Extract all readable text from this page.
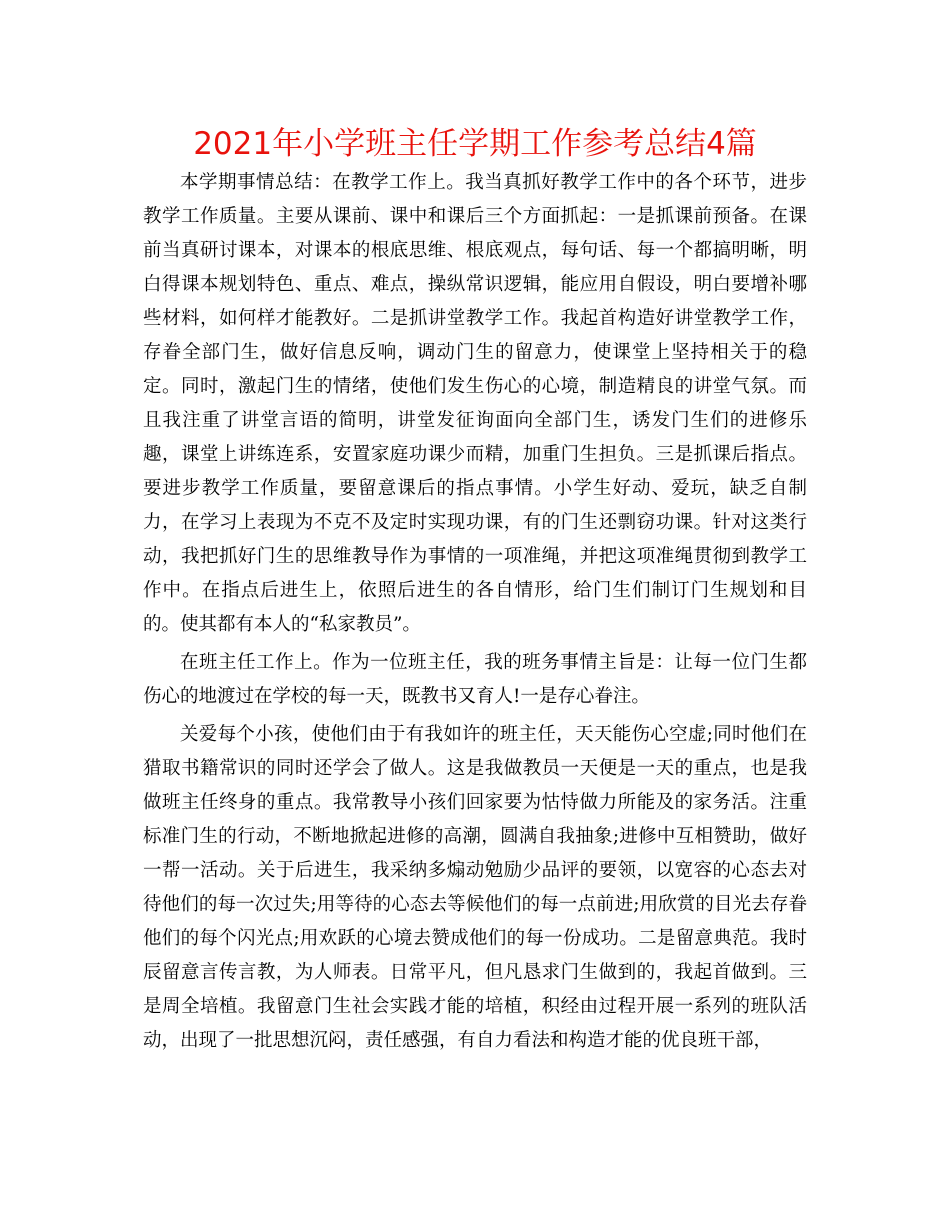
2021年小学班主任学期工作参考总结4篇

本学期事情总结：在教学工作上。我当真抓好教学工作中的各个环节，进步教学工作质量。主要从课前、课中和课后三个方面抓起：一是抓课前预备。在课前当真研讨课本，对课本的根底思维、根底观点，每句话、每一个都搞明晰，明白得课本规划特色、重点、难点，操纵常识逻辑，能应用自假设，明白要增补哪些材料，如何样才能教好。二是抓讲堂教学工作。我起首构造好讲堂教学工作，存眷全部门生，做好信息反响，调动门生的留意力，使课堂上坚持相关于的稳定。同时，激起门生的情绪，使他们发生伤心的心境，制造精良的讲堂气氛。而且我注重了讲堂言语的简明，讲堂发征询面向全部门生，诱发门生们的进修乐趣，课堂上讲练连系，安置家庭功课少而精，加重门生担负。三是抓课后指点。要进步教学工作质量，要留意课后的指点事情。小学生好动、爱玩，缺乏自制力，在学习上表现为不克不及定时实现功课，有的门生还剽窃功课。针对这类行动，我把抓好门生的思维教导作为事情的一项准绳，并把这项准绳贯彻到教学工作中。在指点后进生上，依照后进生的各自情形，给门生们制订门生规划和目的。使其都有本人的“私家教员”。

在班主任工作上。作为一位班主任，我的班务事情主旨是：让每一位门生都伤心的地渡过在学校的每一天，既教书又育人!一是存心眷注。

关爱每个小孩，使他们由于有我如许的班主任，天天能伤心空虚;同时他们在猎取书籍常识的同时还学会了做人。这是我做教员一天便是一天的重点，也是我做班主任终身的重点。我常教导小孩们回家要为怙恃做力所能及的家务活。注重标准门生的行动，不断地掀起进修的高潮，圆满自我抽象;进修中互相赞助，做好一帮一活动。关于后进生，我采纳多煽动勉励少品评的要领，以宽容的心态去对待他们的每一次过失;用等待的心态去等候他们的每一点前进;用欣赏的目光去存眷他们的每个闪光点;用欢跃的心境去赞成他们的每一份成功。二是留意典范。我时辰留意言传言教，为人师表。日常平凡，但凡恳求门生做到的，我起首做到。三是周全培植。我留意门生社会实践才能的培植，积经由过程开展一系列的班队活动，出现了一批思想沉闷，责任感强，有自力看法和构造才能的优良班干部，
